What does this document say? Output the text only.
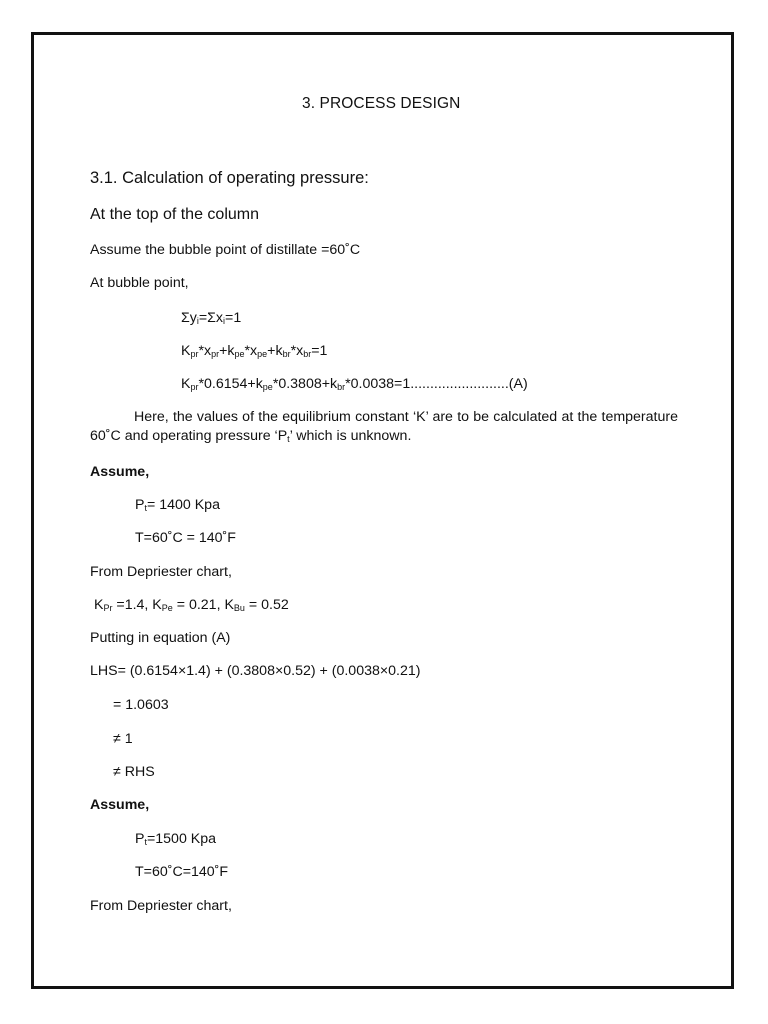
3. PROCESS DESIGN
3.1. Calculation of operating pressure:
At the top of the column
Assume the bubble point of distillate =60˚C
At bubble point,
$\Sigma y_i=\Sigma x_i=1$
$K_{pr}*x_{pr}+k_{pe}*x_{pe}+k_{br}*x_{br}=1$
$K_{pr}*0.6154+k_{pe}*0.3808+k_{br}*0.0038=1.........................(A)$
Here, the values of the equilibrium constant ‘K’ are to be calculated at the temperature 60˚C and operating pressure ‘$P_t$’ which is unknown.
Assume,
$P_t= 1400$ Kpa
T=60˚C = 140˚F
From Depriester chart,
$K_{Pr} =1.4$, $K_{Pe} = 0.21$, $K_{Bu} = 0.52$
Putting in equation (A)
LHS= (0.6154×1.4) + (0.3808×0.52) + (0.0038×0.21)
= 1.0603
≠ 1
≠ RHS
Assume,
$P_t=1500$ Kpa
T=60˚C=140˚F
From Depriester chart,
